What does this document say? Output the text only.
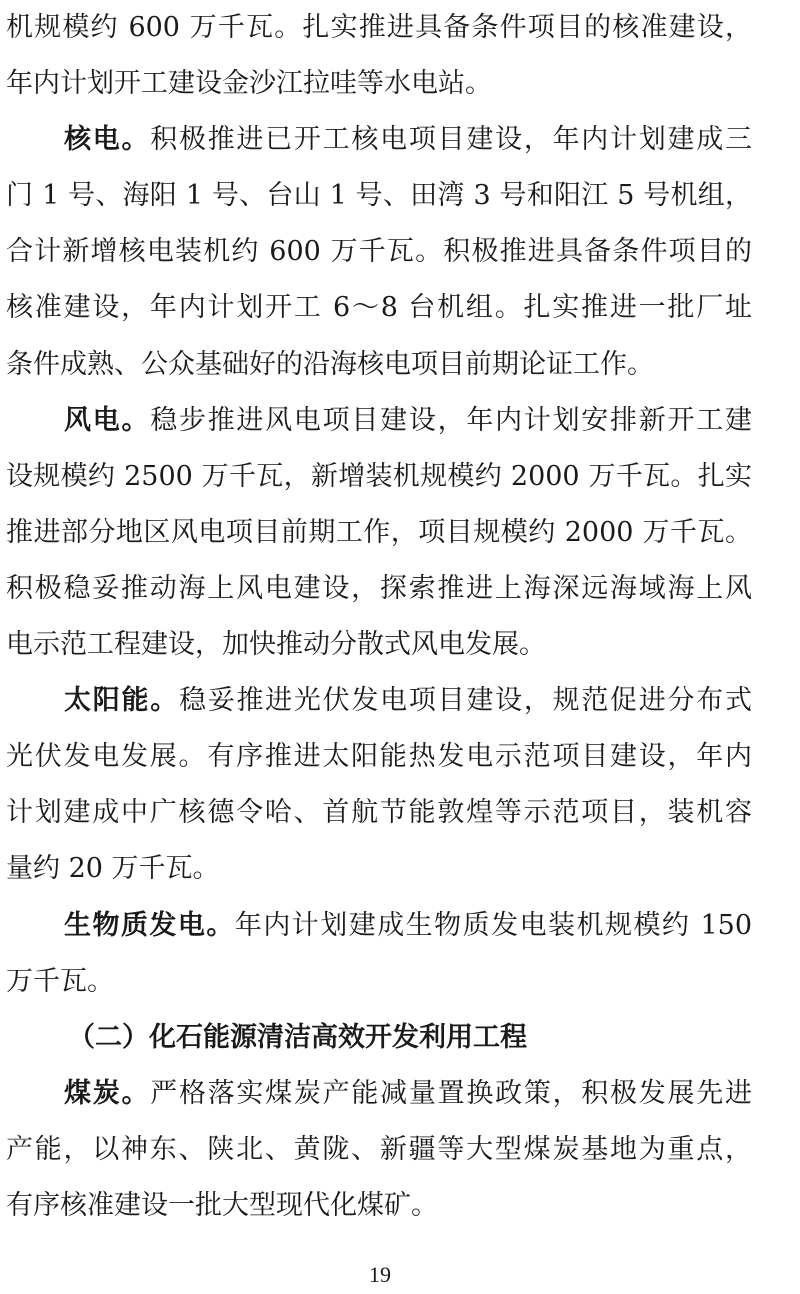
机规模约 600 万千瓦。扎实推进具备条件项目的核准建设，
年内计划开工建设金沙江拉哇等水电站。
核电。积极推进已开工核电项目建设，年内计划建成三
门 1 号、海阳 1 号、台山 1 号、田湾 3 号和阳江 5 号机组，
合计新增核电装机约 600 万千瓦。积极推进具备条件项目的
核准建设，年内计划开工 6～8 台机组。扎实推进一批厂址
条件成熟、公众基础好的沿海核电项目前期论证工作。
风电。稳步推进风电项目建设，年内计划安排新开工建
设规模约 2500 万千瓦，新增装机规模约 2000 万千瓦。扎实
推进部分地区风电项目前期工作，项目规模约 2000 万千瓦。
积极稳妥推动海上风电建设，探索推进上海深远海域海上风
电示范工程建设，加快推动分散式风电发展。
太阳能。稳妥推进光伏发电项目建设，规范促进分布式
光伏发电发展。有序推进太阳能热发电示范项目建设，年内
计划建成中广核德令哈、首航节能敦煌等示范项目，装机容
量约 20 万千瓦。
生物质发电。年内计划建成生物质发电装机规模约 150
万千瓦。
（二）化石能源清洁高效开发利用工程
煤炭。严格落实煤炭产能减量置换政策，积极发展先进
产能，以神东、陕北、黄陇、新疆等大型煤炭基地为重点，
有序核准建设一批大型现代化煤矿。
19
